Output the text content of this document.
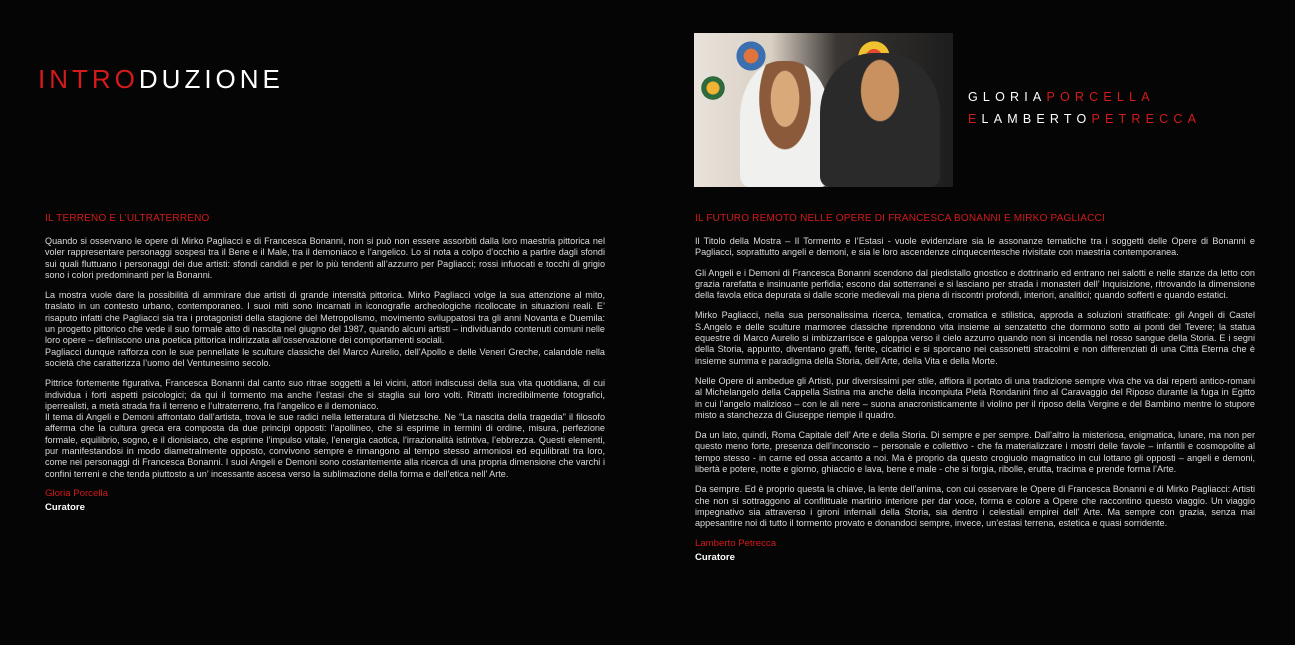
INTRODUZIONE

GLORIAPORCELLA

ELAMBERTOPETRECCA

IL TERRENO E L’ULTRATERRENO

Quando si osservano le opere di Mirko Pagliacci e di Francesca Bonanni, non si può non essere assorbiti dalla loro maestria pittorica nel voler rappresentare personaggi sospesi tra il Bene e il Male, tra il demoniaco e l’angelico. Lo si nota a colpo d’occhio a partire dagli sfondi sui quali fluttuano i personaggi dei due artisti: sfondi candidi e per lo più tendenti all’azzurro per Pagliacci; rossi infuocati e tocchi di grigio sono i colori predominanti per la Bonanni.

La mostra vuole dare la possibilità di ammirare due artisti di grande intensità pittorica. Mirko Pagliacci volge la sua attenzione al mito, traslato in un contesto urbano, contemporaneo. I suoi miti sono incarnati in iconografie archeologiche ricollocate in situazioni reali. E’ risaputo infatti che Pagliacci sia tra i protagonisti della stagione del Metropolismo, movimento sviluppatosi tra gli anni Novanta e Duemila: un progetto pittorico che vede il suo formale atto di nascita nel giugno del 1987, quando alcuni artisti – individuando contenuti comuni nelle loro opere – definiscono una poetica pittorica indirizzata all’osservazione dei comportamenti sociali.

Pagliacci dunque rafforza con le sue pennellate le sculture classiche del Marco Aurelio, dell’Apollo e delle Veneri Greche, calandole nella società che caratterizza l’uomo del Ventunesimo secolo.

Pittrice fortemente figurativa, Francesca Bonanni dal canto suo ritrae soggetti a lei vicini, attori indiscussi della sua vita quotidiana, di cui individua i forti aspetti psicologici; da qui il tormento ma anche l’estasi che si staglia sui loro volti. Ritratti incredibilmente fotografici, iperrealisti, a metà strada fra il terreno e l’ultraterreno, fra l’angelico e il demoniaco.

Il tema di Angeli e Demoni affrontato dall’artista, trova le sue radici nella letteratura di Nietzsche. Ne “La nascita della tragedia” il filosofo afferma che la cultura greca era composta da due principi opposti: l’apollineo, che si esprime in termini di ordine, misura, perfezione formale, equilibrio, sogno, e il dionisiaco, che esprime l’impulso vitale, l’energia caotica, l’irrazionalità istintiva, l’ebbrezza. Questi elementi, pur manifestandosi in modo diametralmente opposto, convivono sempre e rimangono al tempo stesso armoniosi ed equilibrati tra loro, come nei personaggi di Francesca Bonanni. I suoi Angeli e Demoni sono costantemente alla ricerca di una propria dimensione che varchi i confini terreni e che tenda piuttosto a un’ incessante ascesa verso la sublimazione della forma e dell’etica nell’ Arte.

Gloria Porcella
Curatore
IL FUTURO REMOTO NELLE OPERE DI FRANCESCA BONANNI E MIRKO PAGLIACCI

Il Titolo della Mostra – Il Tormento e l’Estasi - vuole evidenziare sia le assonanze tematiche tra i soggetti delle Opere di Bonanni e Pagliacci, soprattutto angeli e demoni, e sia le loro ascendenze cinquecentesche rivisitate con maestria contemporanea.

Gli Angeli e i Demoni di Francesca Bonanni scendono dal piedistallo gnostico e dottrinario ed entrano nei salotti e nelle stanze da letto con grazia rarefatta e insinuante perfidia; escono dai sotterranei e si lasciano per strada i monasteri dell’ Inquisizione, ritrovando la dimensione della favola etica depurata si dalle scorie medievali ma piena di riscontri profondi, interiori, analitici; quando sofferti e quando estatici.

Mirko Pagliacci, nella sua personalissima ricerca, tematica, cromatica e stilistica, approda a soluzioni stratificate: gli Angeli di Castel S.Angelo e delle sculture marmoree classiche riprendono vita insieme ai senzatetto che dormono sotto ai ponti del Tevere; la statua equestre di Marco Aurelio si imbizzarrisce e galoppa verso il cielo azzurro quando non si incendia nel rosso sangue della Storia. E i segni della Storia, appunto, diventano graffi, ferite, cicatrici e si sporcano nei cassonetti stracolmi e non differenziati di una Città Eterna che è insieme summa e paradigma della Storia, dell’Arte, della Vita e della Morte.

Nelle Opere di ambedue gli Artisti, pur diversissimi per stile, affiora il portato di una tradizione sempre viva che va dai reperti antico-romani al Michelangelo della Cappella Sistina ma anche della incompiuta Pietà Rondanini fino al Caravaggio del Riposo durante la fuga in Egitto in cui l’angelo malizioso – con le ali nere – suona anacronisticamente il violino per il riposo della Vergine e del Bambino mentre lo stupore misto a stanchezza di Giuseppe riempie il quadro.

Da un lato, quindi, Roma Capitale dell’ Arte e della Storia. Di sempre e per sempre. Dall’altro la misteriosa, enigmatica, lunare, ma non per questo meno forte, presenza dell’inconscio – personale e collettivo - che fa materializzare i mostri delle favole – infantili e cosmopolite al tempo stesso - in carne ed ossa accanto a noi. Ma è proprio da questo crogiuolo magmatico in cui lottano gli opposti – angeli e demoni, libertà e potere, notte e giorno, ghiaccio e lava, bene e male - che si forgia, ribolle, erutta, tracima e prende forma l’Arte.

Da sempre. Ed è proprio questa la chiave, la lente dell’anima, con cui osservare le Opere di Francesca Bonanni e di Mirko Pagliacci: Artisti che non si sottraggono al conflittuale martirio interiore per dar voce, forma e colore a Opere che raccontino questo viaggio. Un viaggio impegnativo sia attraverso i gironi infernali della Storia, sia dentro i celestiali empirei dell’ Arte. Ma sempre con grazia, senza mai appesantire noi di tutto il tormento provato e donandoci sempre, invece, un’estasi terrena, estetica e quasi sorridente.

Lamberto Petrecca
Curatore
